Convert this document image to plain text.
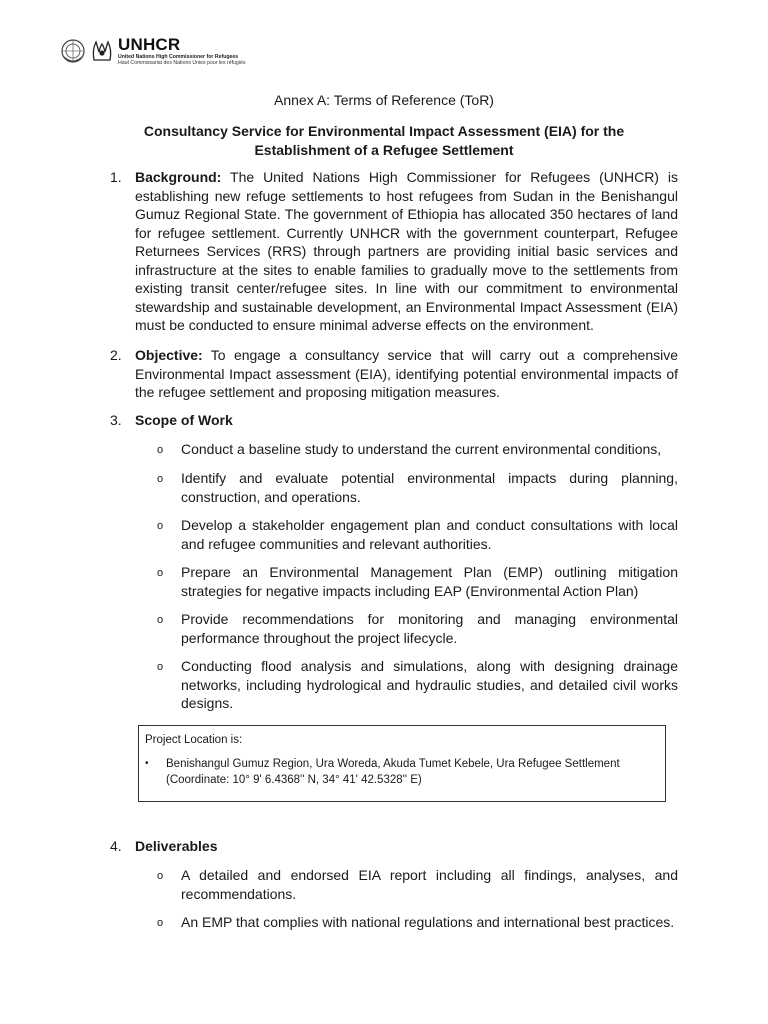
UNHCR
United Nations High Commissioner for Refugees
Haut Commissariat des Nations Unies pour les réfugiés
Annex A: Terms of Reference (ToR)
Consultancy Service for Environmental Impact Assessment (EIA) for the Establishment of a Refugee Settlement
1. Background: The United Nations High Commissioner for Refugees (UNHCR) is establishing new refuge settlements to host refugees from Sudan in the Benishangul Gumuz Regional State. The government of Ethiopia has allocated 350 hectares of land for refugee settlement. Currently UNHCR with the government counterpart, Refugee Returnees Services (RRS) through partners are providing initial basic services and infrastructure at the sites to enable families to gradually move to the settlements from existing transit center/refugee sites. In line with our commitment to environmental stewardship and sustainable development, an Environmental Impact Assessment (EIA) must be conducted to ensure minimal adverse effects on the environment.
2. Objective: To engage a consultancy service that will carry out a comprehensive Environmental Impact assessment (EIA), identifying potential environmental impacts of the refugee settlement and proposing mitigation measures.
3. Scope of Work
o Conduct a baseline study to understand the current environmental conditions,
o Identify and evaluate potential environmental impacts during planning, construction, and operations.
o Develop a stakeholder engagement plan and conduct consultations with local and refugee communities and relevant authorities.
o Prepare an Environmental Management Plan (EMP) outlining mitigation strategies for negative impacts including EAP (Environmental Action Plan)
o Provide recommendations for monitoring and managing environmental performance throughout the project lifecycle.
o Conducting flood analysis and simulations, along with designing drainage networks, including hydrological and hydraulic studies, and detailed civil works designs.
Project Location is:
• Benishangul Gumuz Region, Ura Woreda, Akuda Tumet Kebele, Ura Refugee Settlement (Coordinate: 10° 9' 6.4368'' N, 34° 41' 42.5328'' E)
4. Deliverables
o A detailed and endorsed EIA report including all findings, analyses, and recommendations.
o An EMP that complies with national regulations and international best practices.
